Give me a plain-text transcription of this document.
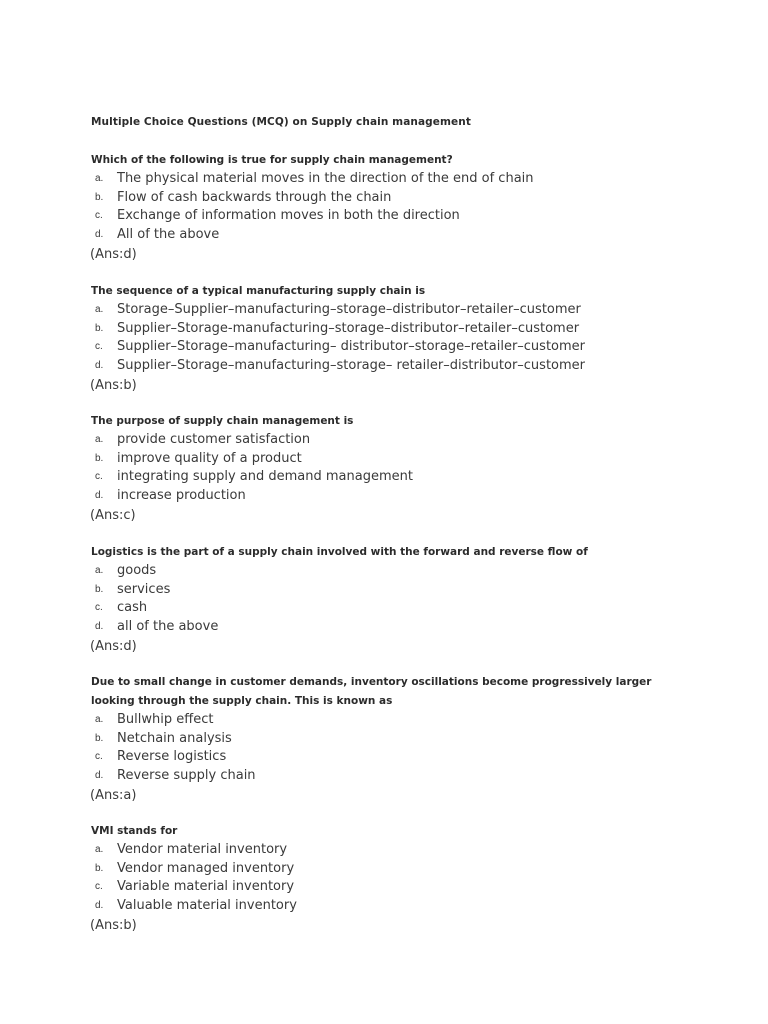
Multiple Choice Questions (MCQ) on Supply chain management
Which of the following is true for supply chain management?
a. The physical material moves in the direction of the end of chain
b. Flow of cash backwards through the chain
c. Exchange of information moves in both the direction
d. All of the above
(Ans:d)
The sequence of a typical manufacturing supply chain is
a. Storage–Supplier–manufacturing–storage–distributor–retailer–customer
b. Supplier–Storage-manufacturing–storage–distributor–retailer–customer
c. Supplier–Storage–manufacturing– distributor–storage–retailer–customer
d. Supplier–Storage–manufacturing–storage– retailer–distributor–customer
(Ans:b)
The purpose of supply chain management is
a. provide customer satisfaction
b. improve quality of a product
c. integrating supply and demand management
d. increase production
(Ans:c)
Logistics is the part of a supply chain involved with the forward and reverse flow of
a. goods
b. services
c. cash
d. all of the above
(Ans:d)
Due to small change in customer demands, inventory oscillations become progressively larger looking through the supply chain. This is known as
a. Bullwhip effect
b. Netchain analysis
c. Reverse logistics
d. Reverse supply chain
(Ans:a)
VMI stands for
a. Vendor material inventory
b. Vendor managed inventory
c. Variable material inventory
d. Valuable material inventory
(Ans:b)
